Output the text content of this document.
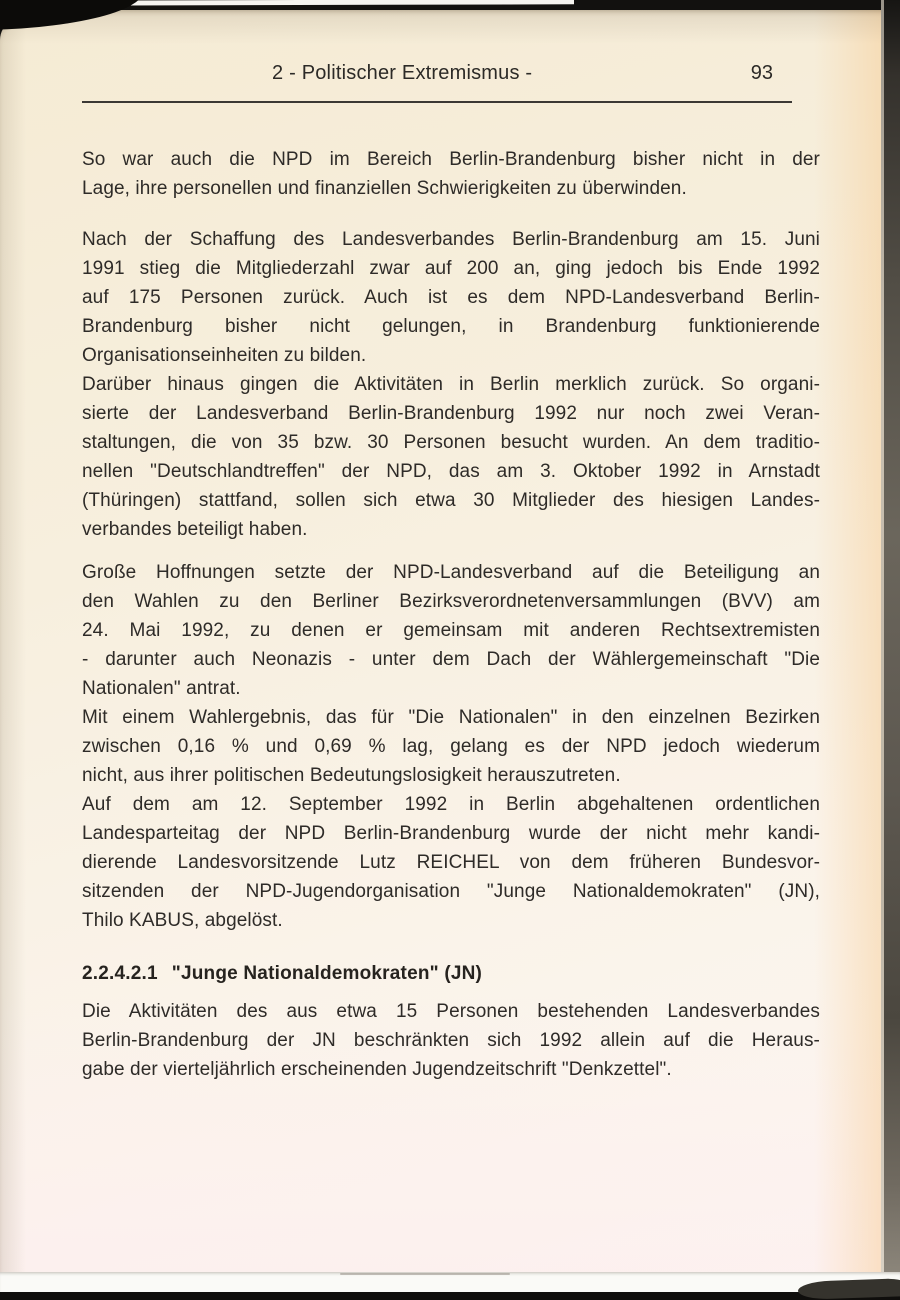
2 - Politischer Extremismus -	93
So war auch die NPD im Bereich Berlin-Brandenburg bisher nicht in der
Lage, ihre personellen und finanziellen Schwierigkeiten zu überwinden.
Nach der Schaffung des Landesverbandes Berlin-Brandenburg am 15. Juni
1991 stieg die Mitgliederzahl zwar auf 200 an, ging jedoch bis Ende 1992
auf 175 Personen zurück. Auch ist es dem NPD-Landesverband Berlin-
Brandenburg bisher nicht gelungen, in Brandenburg funktionierende
Organisationseinheiten zu bilden.
Darüber hinaus gingen die Aktivitäten in Berlin merklich zurück. So organi-
sierte der Landesverband Berlin-Brandenburg 1992 nur noch zwei Veran-
staltungen, die von 35 bzw. 30 Personen besucht wurden. An dem traditio-
nellen "Deutschlandtreffen" der NPD, das am 3. Oktober 1992 in Arnstadt
(Thüringen) stattfand, sollen sich etwa 30 Mitglieder des hiesigen Landes-
verbandes beteiligt haben.
Große Hoffnungen setzte der NPD-Landesverband auf die Beteiligung an
den Wahlen zu den Berliner Bezirksverordnetenversammlungen (BVV) am
24. Mai 1992, zu denen er gemeinsam mit anderen Rechtsextremisten
- darunter auch Neonazis - unter dem Dach der Wählergemeinschaft "Die
Nationalen" antrat.
Mit einem Wahlergebnis, das für "Die Nationalen" in den einzelnen Bezirken
zwischen 0,16 % und 0,69 % lag, gelang es der NPD jedoch wiederum
nicht, aus ihrer politischen Bedeutungslosigkeit herauszutreten.
Auf dem am 12. September 1992 in Berlin abgehaltenen ordentlichen
Landesparteitag der NPD Berlin-Brandenburg wurde der nicht mehr kandi-
dierende Landesvorsitzende Lutz REICHEL von dem früheren Bundesvor-
sitzenden der NPD-Jugendorganisation "Junge Nationaldemokraten" (JN),
Thilo KABUS, abgelöst.
2.2.4.2.1 "Junge Nationaldemokraten" (JN)
Die Aktivitäten des aus etwa 15 Personen bestehenden Landesverbandes
Berlin-Brandenburg der JN beschränkten sich 1992 allein auf die Heraus-
gabe der vierteljährlich erscheinenden Jugendzeitschrift "Denkzettel".
